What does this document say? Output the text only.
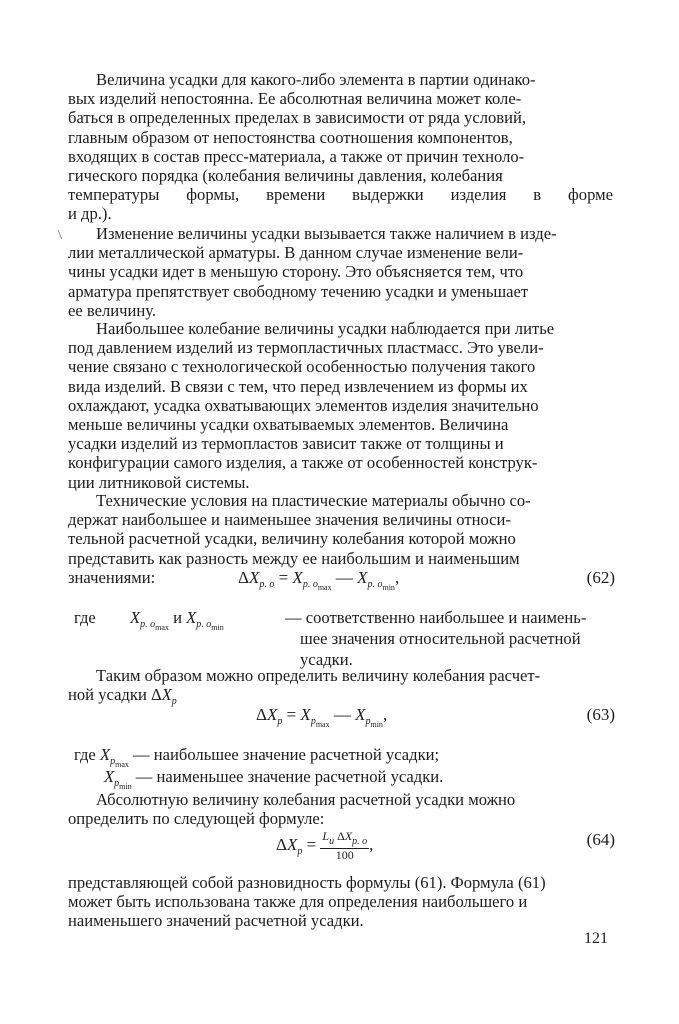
\
Величина усадки для какого-либо элемента в партии одинако-
вых изделий непостоянна. Ее абсолютная величина может коле-
баться в определенных пределах в зависимости от ряда условий,
главным образом от непостоянства соотношения компонентов,
входящих в состав пресс-материала, а также от причин техноло-
гического порядка (колебания величины давления, колебания
температуры формы, времени выдержки изделия в форме
и др.).
Изменение величины усадки вызывается также наличием в изде-
лии металлической арматуры. В данном случае изменение вели-
чины усадки идет в меньшую сторону. Это объясняется тем, что
арматура препятствует свободному течению усадки и уменьшает
ее величину.
Наибольшее колебание величины усадки наблюдается при литье
под давлением изделий из термопластичных пластмасс. Это увели-
чение связано с технологической особенностью получения такого
вида изделий. В связи с тем, что перед извлечением из формы их
охлаждают, усадка охватывающих элементов изделия значительно
меньше величины усадки охватываемых элементов. Величина
усадки изделий из термопластов зависит также от толщины и
конфигурации самого изделия, а также от особенностей конструк-
ции литниковой системы.
Технические условия на пластические материалы обычно со-
держат наибольшее и наименьшее значения величины относи-
тельной расчетной усадки, величину колебания которой можно
представить как разность между ее наибольшим и наименьшим
значениями:	$\Delta X_{p. o} = X_{p. o_{max}}$ — $X_{p. o_{min}}$,	(62)
где $X_{p. o_{max}}$ и $X_{p. o_{min}}$
— соответственно наибольшее и наимень-
шее значения относительной расчетной
усадки.
Таким образом можно определить величину колебания расчет-
ной усадки $\Delta X_p$
$\Delta X_p = X_{p_{max}}$ — $X_{p_{min}}$,	(63)
где $X_{p_{max}}$ — наибольшее значение расчетной усадки;
$X_{p_{min}}$ — наименьшее значение расчетной усадки.
Абсолютную величину колебания расчетной усадки можно
определить по следующей формуле:
$\Delta X_p = \frac{L_u \Delta X_{p. o}}{100}$ ,	(64)
представляющей собой разновидность формулы (61). Формула (61)
может быть использована также для определения наибольшего и
наименьшего значений расчетной усадки.
121
